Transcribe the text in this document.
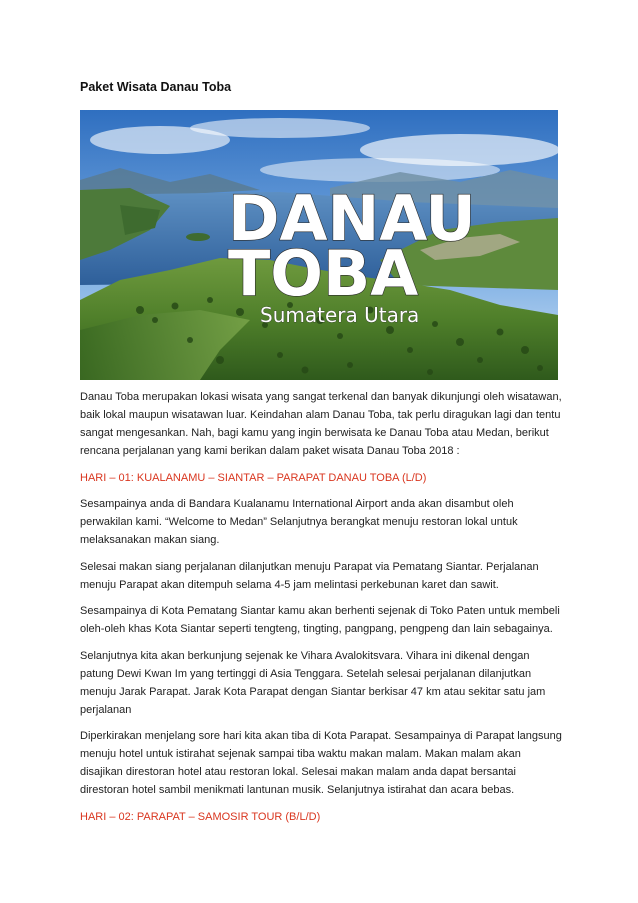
Paket Wisata Danau Toba
DANAU
TOBA
Sumatera Utara

Danau Toba merupakan lokasi wisata yang sangat terkenal dan banyak dikunjungi oleh wisatawan, baik lokal maupun wisatawan luar. Keindahan alam Danau Toba, tak perlu diragukan lagi dan tentu sangat mengesankan. Nah, bagi kamu yang ingin berwisata ke Danau Toba atau Medan, berikut rencana perjalanan yang kami berikan dalam paket wisata Danau Toba 2018 :

HARI – 01: KUALANAMU – SIANTAR – PARAPAT DANAU TOBA (L/D)

Sesampainya anda di Bandara Kualanamu International Airport anda akan disambut oleh perwakilan kami. “Welcome to Medan” Selanjutnya berangkat menuju restoran lokal untuk melaksanakan makan siang.

Selesai makan siang perjalanan dilanjutkan menuju Parapat via Pematang Siantar. Perjalanan menuju Parapat akan ditempuh selama 4-5 jam melintasi perkebunan karet dan sawit.

Sesampainya di Kota Pematang Siantar kamu akan berhenti sejenak di Toko Paten untuk membeli oleh-oleh khas Kota Siantar seperti tengteng, tingting, pangpang, pengpeng dan lain sebagainya.

Selanjutnya kita akan berkunjung sejenak ke Vihara Avalokitsvara. Vihara ini dikenal dengan patung Dewi Kwan Im yang tertinggi di Asia Tenggara. Setelah selesai perjalanan dilanjutkan menuju Jarak Parapat. Jarak Kota Parapat dengan Siantar berkisar 47 km atau sekitar satu jam perjalanan

Diperkirakan menjelang sore hari kita akan tiba di Kota Parapat. Sesampainya di Parapat langsung menuju hotel untuk istirahat sejenak sampai tiba waktu makan malam. Makan malam akan disajikan direstoran hotel atau restoran lokal. Selesai makan malam anda dapat bersantai direstoran hotel sambil menikmati lantunan musik. Selanjutnya istirahat dan acara bebas.

HARI – 02: PARAPAT – SAMOSIR TOUR (B/L/D)
